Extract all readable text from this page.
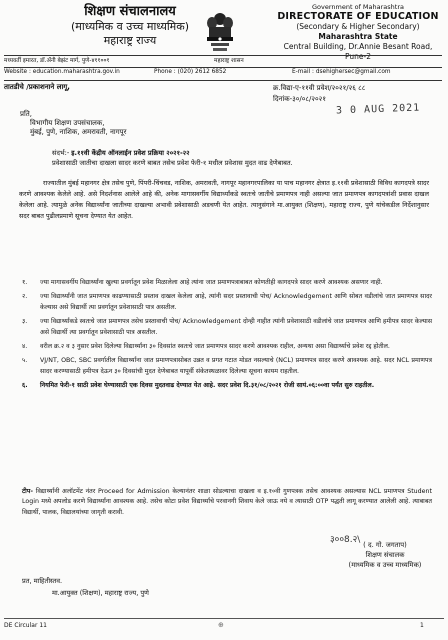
शिक्षण संचालनालय
(माध्यमिक व उच्च माध्यमिक)
महाराष्ट्र राज्य
Government of Maharashtra
DIRECTORATE OF EDUCATION
(Secondary & Higher Secondary)
Maharashtra State
Central Building, Dr.Annie Besant Road, Pune-2
मध्यवर्ती इमारत, डॉ.ॲनी बेझंट मार्ग, पुणे-४११००१	महाराष्ट्र शासन
Website : education.maharashtra.gov.in	Phone : (020) 2612 6852	E-mail : dsehighersec@gmail.com
तातडीचे /प्रकाशनाने लागू,	क्र.विद्या-ए-११वी प्रवेश/२०२१/२६ ८८
दिनांक-३०/०८/२०२१
3 0 AUG 2021
प्रति,
विभागीय शिक्षण उपसंचालक,
मुंबई, पुणे, नाशिक, अमरावती, नागपूर
संदर्भ:- इ.११वी केंद्रीय ऑनलाईन प्रवेश प्रक्रिया २०२१-२२
प्रवेशासाठी जातीचा दाखला सादर करणे बाबत तसेच प्रवेश फेरी-१ मधील प्रवेशास मुदत वाढ देणेबाबत.
राज्यातील मुंबई महानगर क्षेत्र तसेच पुणे, पिंपरी-चिंचवड, नाशिक, अमरावती, नागपूर महानगरपालिका या पाच महानगर क्षेत्रात इ.११वी प्रवेशासाठी विविध कागदपत्रे सादर करणे आवश्यक केलेले आहे. असे निदर्शनास आलेले आहे की, अनेक मागासवर्गीय विद्यार्थ्यांकडे स्वतःचे जातीचे प्रमाणपत्र नाही असल्या जात प्रमाणपत्र कागदपत्रांशी प्रवास दाखल केलेला आहे. त्यामुळे अनेक विद्यार्थ्यांना जातीच्या दाखल्या अभावी प्रवेशासाठी अडचणी येत आहेत. त्यानुसंगाने मा.आयुक्त (शिक्षण), महाराष्ट्र राज्य, पुणे यांचेकडील निर्देशानुसार सदर बाबत पुढीलप्रमाणे सूचना देण्यात येत आहेत.
१. ज्या मागासवर्गीय विद्यार्थ्यांना खुल्या प्रवर्गातून प्रवेश मिळालेला आहे त्यांना जात प्रमाणपत्राबाबत कोणतीही कागदपत्रे सादर करणे आवश्यक असणार नाही.
२. ज्या विद्यार्थ्यांनी जात प्रमाणपत्र काढण्यासाठी प्रस्ताव दाखल केलेला आहे, त्यांनी सदर प्रस्तावाची पोच/ Acknowledgement आणि सोबत वडीलांचे जात प्रमाणपत्र सादर केल्यास असे विद्यार्थी त्या प्रवर्गातून प्रवेशासाठी पात्र असतील.
३. ज्या विद्यार्थ्यांकडे स्वतःचे जात प्रमाणपत्र तसेच प्रस्तावाची पोच/ Acknowledgement दोन्ही नाहीत त्यांनी प्रवेशासाठी वडीलांचे जात प्रमाणपत्र आणि हमीपत्र सादर केल्यास असे विद्यार्थी त्या प्रवर्गातून प्रवेशासाठी पात्र असतील.
४. वरील क्र.२ व ३ नुसार प्रवेश दिलेल्या विद्यार्थ्यांना ३० दिवसांत स्वतःचे जात प्रमाणपत्र सादर करणे आवश्यक राहील, अन्यथा असा विद्यार्थ्याचे प्रवेश रद्द होतील.
५. VJ/NT, OBC, SBC प्रवर्गातील विद्यार्थ्यांना जात प्रमाणपत्रासोबत उन्नत व प्रगत गटात मोडत नसल्याचे (NCL) प्रमाणपत्र सादर करणे आवश्यक आहे. सदर NCL प्रमाणपत्र सादर करण्यासाठी हमीपत्र देऊन ३० दिवसांची मुदत देणेबाबत यापूर्वी संकेतस्थळावर दिलेल्या सूचना कायम राहतील.
६. नियमित फेरी-१ साठी प्रवेश घेण्यासाठी एक दिवस मुदतवाढ देण्यात येत आहे. सदर प्रवेश दि.३१/०८/२०२१ रोजी सायं.०६:००वा पर्यंत सुरु राहतील.
टीप- विद्यार्थ्यांनी अलॉटमेंट नंतर Proceed for Admission केल्यानंतर शाळा सोडल्याचा दाखला व इ.१०वी गुणपत्रक तसेच आवश्यक असल्यास NCL प्रमाणपत्र Student Login मध्ये अपलोड करणे विद्यार्थ्यांना आवश्यक आहे. तसेच कोटा प्रवेश विद्यार्थ्यांचे परवानगी शिवाय केले जाऊ नये व त्यासाठी OTP पद्धती लागू करण्यात आलेली आहे. त्याबाबत विद्यार्थी, पालक, विद्यालयांच्या जागृती करावी.
३००8.२\ ( द. गो. जगताप)
शिक्षण संचालक
(माध्यमिक व उच्च माध्यमिक)
प्रत, माहितीस्तव.
मा.आयुक्त (शिक्षण), महाराष्ट्र राज्य, पुणे
DE Circular 11	⊕	1
